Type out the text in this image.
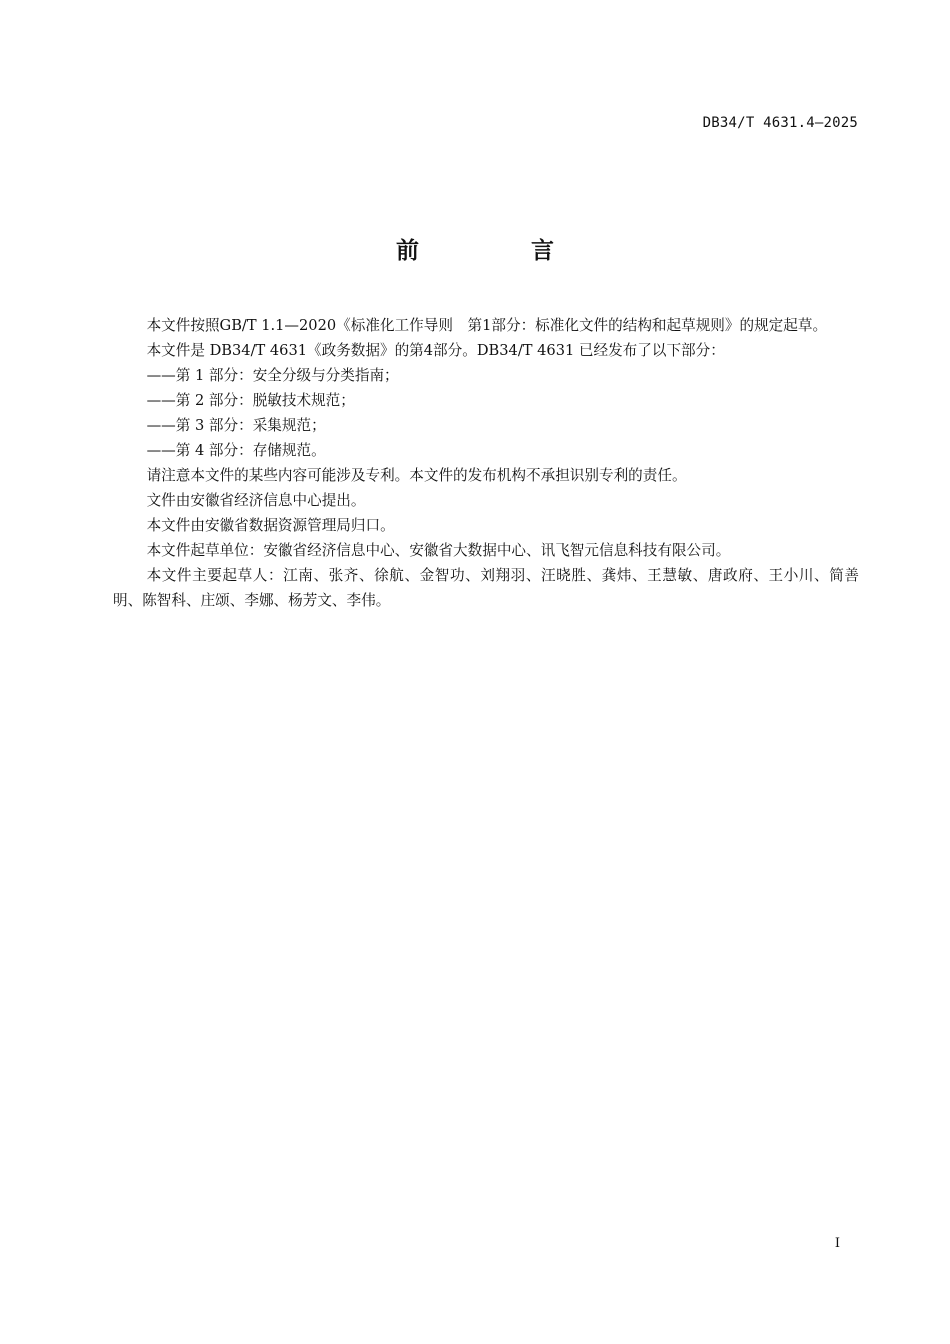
DB34/T 4631.4—2025
前 言

本文件按照GB/T 1.1—2020《标准化工作导则　第1部分：标准化文件的结构和起草规则》的规定起草。

本文件是 DB34/T 4631《政务数据》的第4部分。DB34/T 4631 已经发布了以下部分：

——第 1 部分：安全分级与分类指南；

——第 2 部分：脱敏技术规范；

——第 3 部分：采集规范；

——第 4 部分：存储规范。

请注意本文件的某些内容可能涉及专利。本文件的发布机构不承担识别专利的责任。

文件由安徽省经济信息中心提出。

本文件由安徽省数据资源管理局归口。

本文件起草单位：安徽省经济信息中心、安徽省大数据中心、讯飞智元信息科技有限公司。

本文件主要起草人：江南、张齐、徐航、金智功、刘翔羽、汪晓胜、龚炜、王慧敏、唐政府、王小川、简善明、陈智科、庄颂、李娜、杨芳文、李伟。

I
